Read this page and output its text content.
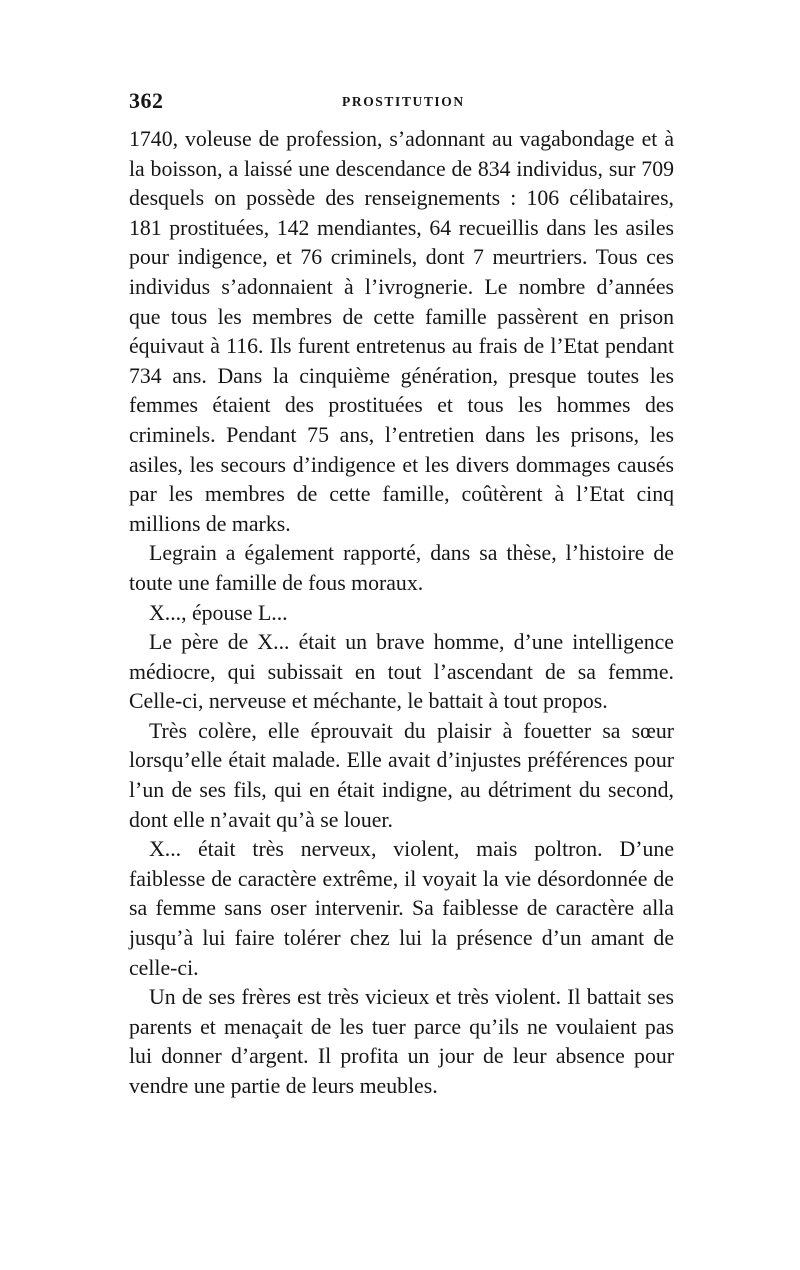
362	PROSTITUTION

1740, voleuse de profession, s’adonnant au vagabondage et à la boisson, a laissé une descendance de 834 individus, sur 709 desquels on possède des renseignements : 106 célibataires, 181 prostituées, 142 mendiantes, 64 recueillis dans les asiles pour indigence, et 76 criminels, dont 7 meurtriers. Tous ces individus s’adonnaient à l’ivrognerie. Le nombre d’années que tous les membres de cette famille passèrent en prison équivaut à 116. Ils furent entretenus au frais de l’Etat pendant 734 ans. Dans la cinquième génération, presque toutes les femmes étaient des prostituées et tous les hommes des criminels. Pendant 75 ans, l’entretien dans les prisons, les asiles, les secours d’indigence et les divers dommages causés par les membres de cette famille, coûtèrent à l’Etat cinq millions de marks.

Legrain a également rapporté, dans sa thèse, l’histoire de toute une famille de fous moraux.

X..., épouse L...

Le père de X... était un brave homme, d’une intelligence médiocre, qui subissait en tout l’ascendant de sa femme. Celle-ci, nerveuse et méchante, le battait à tout propos.

Très colère, elle éprouvait du plaisir à fouetter sa sœur lorsqu’elle était malade. Elle avait d’injustes préférences pour l’un de ses fils, qui en était indigne, au détriment du second, dont elle n’avait qu’à se louer.

X... était très nerveux, violent, mais poltron. D’une faiblesse de caractère extrême, il voyait la vie désordonnée de sa femme sans oser intervenir. Sa faiblesse de caractère alla jusqu’à lui faire tolérer chez lui la présence d’un amant de celle-ci.

Un de ses frères est très vicieux et très violent. Il battait ses parents et menaçait de les tuer parce qu’ils ne voulaient pas lui donner d’argent. Il profita un jour de leur absence pour vendre une partie de leurs meubles.
